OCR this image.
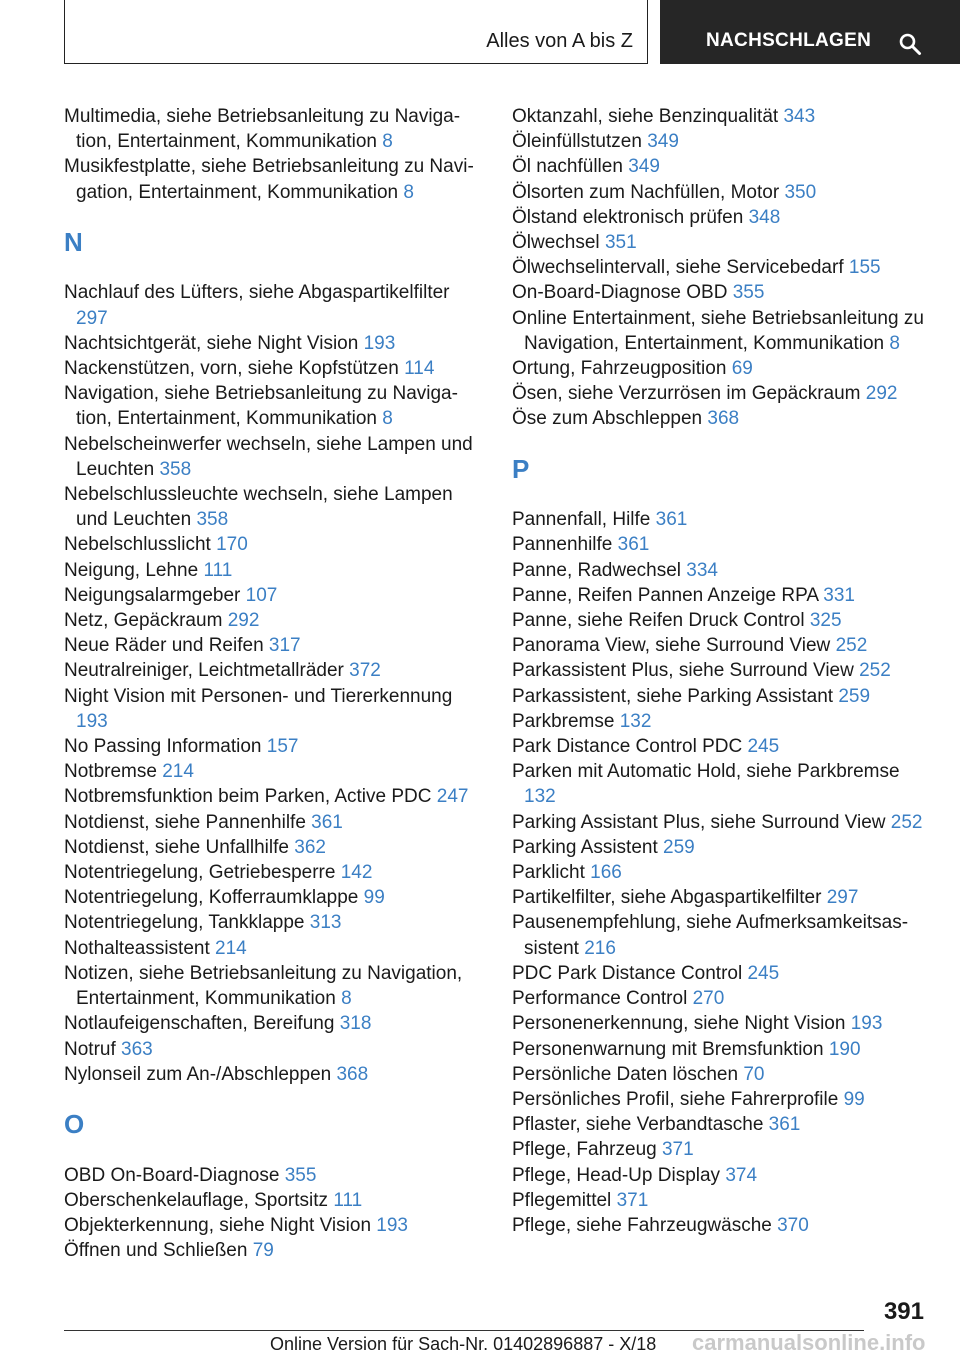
Alles von A bis Z	NACHSCHLAGEN
Multimedia, siehe Betriebsanleitung zu Navigation, Entertainment, Kommunikation 8
Musikfestplatte, siehe Betriebsanleitung zu Navigation, Entertainment, Kommunikation 8
N
Nachlauf des Lüfters, siehe Abgaspartikelfilter 297
Nachtsichtgerät, siehe Night Vision 193
Nackenstützen, vorn, siehe Kopfstützen 114
Navigation, siehe Betriebsanleitung zu Navigation, Entertainment, Kommunikation 8
Nebelscheinwerfer wechseln, siehe Lampen und Leuchten 358
Nebelschlussleuchte wechseln, siehe Lampen und Leuchten 358
Nebelschlusslicht 170
Neigung, Lehne 111
Neigungsalarmgeber 107
Netz, Gepäckraum 292
Neue Räder und Reifen 317
Neutralreiniger, Leichtmetallräder 372
Night Vision mit Personen- und Tiererkennung 193
No Passing Information 157
Notbremse 214
Notbremsfunktion beim Parken, Active PDC 247
Notdienst, siehe Pannenhilfe 361
Notdienst, siehe Unfallhilfe 362
Notentriegelung, Getriebesperre 142
Notentriegelung, Kofferraumklappe 99
Notentriegelung, Tankklappe 313
Nothalteassistent 214
Notizen, siehe Betriebsanleitung zu Navigation, Entertainment, Kommunikation 8
Notlaufeigenschaften, Bereifung 318
Notruf 363
Nylonseil zum An-/Abschleppen 368
O
OBD On-Board-Diagnose 355
Oberschenkelauflage, Sportsitz 111
Objekterkennung, siehe Night Vision 193
Öffnen und Schließen 79
Oktanzahl, siehe Benzinqualität 343
Öleinfüllstutzen 349
Öl nachfüllen 349
Ölsorten zum Nachfüllen, Motor 350
Ölstand elektronisch prüfen 348
Ölwechsel 351
Ölwechselintervall, siehe Servicebedarf 155
On-Board-Diagnose OBD 355
Online Entertainment, siehe Betriebsanleitung zu Navigation, Entertainment, Kommunikation 8
Ortung, Fahrzeugposition 69
Ösen, siehe Verzurrösen im Gepäckraum 292
Öse zum Abschleppen 368
P
Pannenfall, Hilfe 361
Pannenhilfe 361
Panne, Radwechsel 334
Panne, Reifen Pannen Anzeige RPA 331
Panne, siehe Reifen Druck Control 325
Panorama View, siehe Surround View 252
Parkassistent Plus, siehe Surround View 252
Parkassistent, siehe Parking Assistant 259
Parkbremse 132
Park Distance Control PDC 245
Parken mit Automatic Hold, siehe Parkbremse 132
Parking Assistant Plus, siehe Surround View 252
Parking Assistent 259
Parklicht 166
Partikelfilter, siehe Abgaspartikelfilter 297
Pausenempfehlung, siehe Aufmerksamkeitsassistent 216
PDC Park Distance Control 245
Performance Control 270
Personenerkennung, siehe Night Vision 193
Personenwarnung mit Bremsfunktion 190
Persönliche Daten löschen 70
Persönliches Profil, siehe Fahrerprofile 99
Pflaster, siehe Verbandtasche 361
Pflege, Fahrzeug 371
Pflege, Head-Up Display 374
Pflegemittel 371
Pflege, siehe Fahrzeugwäsche 370
391
Online Version für Sach-Nr. 01402896887 - X/18 carmanualsonline.info
